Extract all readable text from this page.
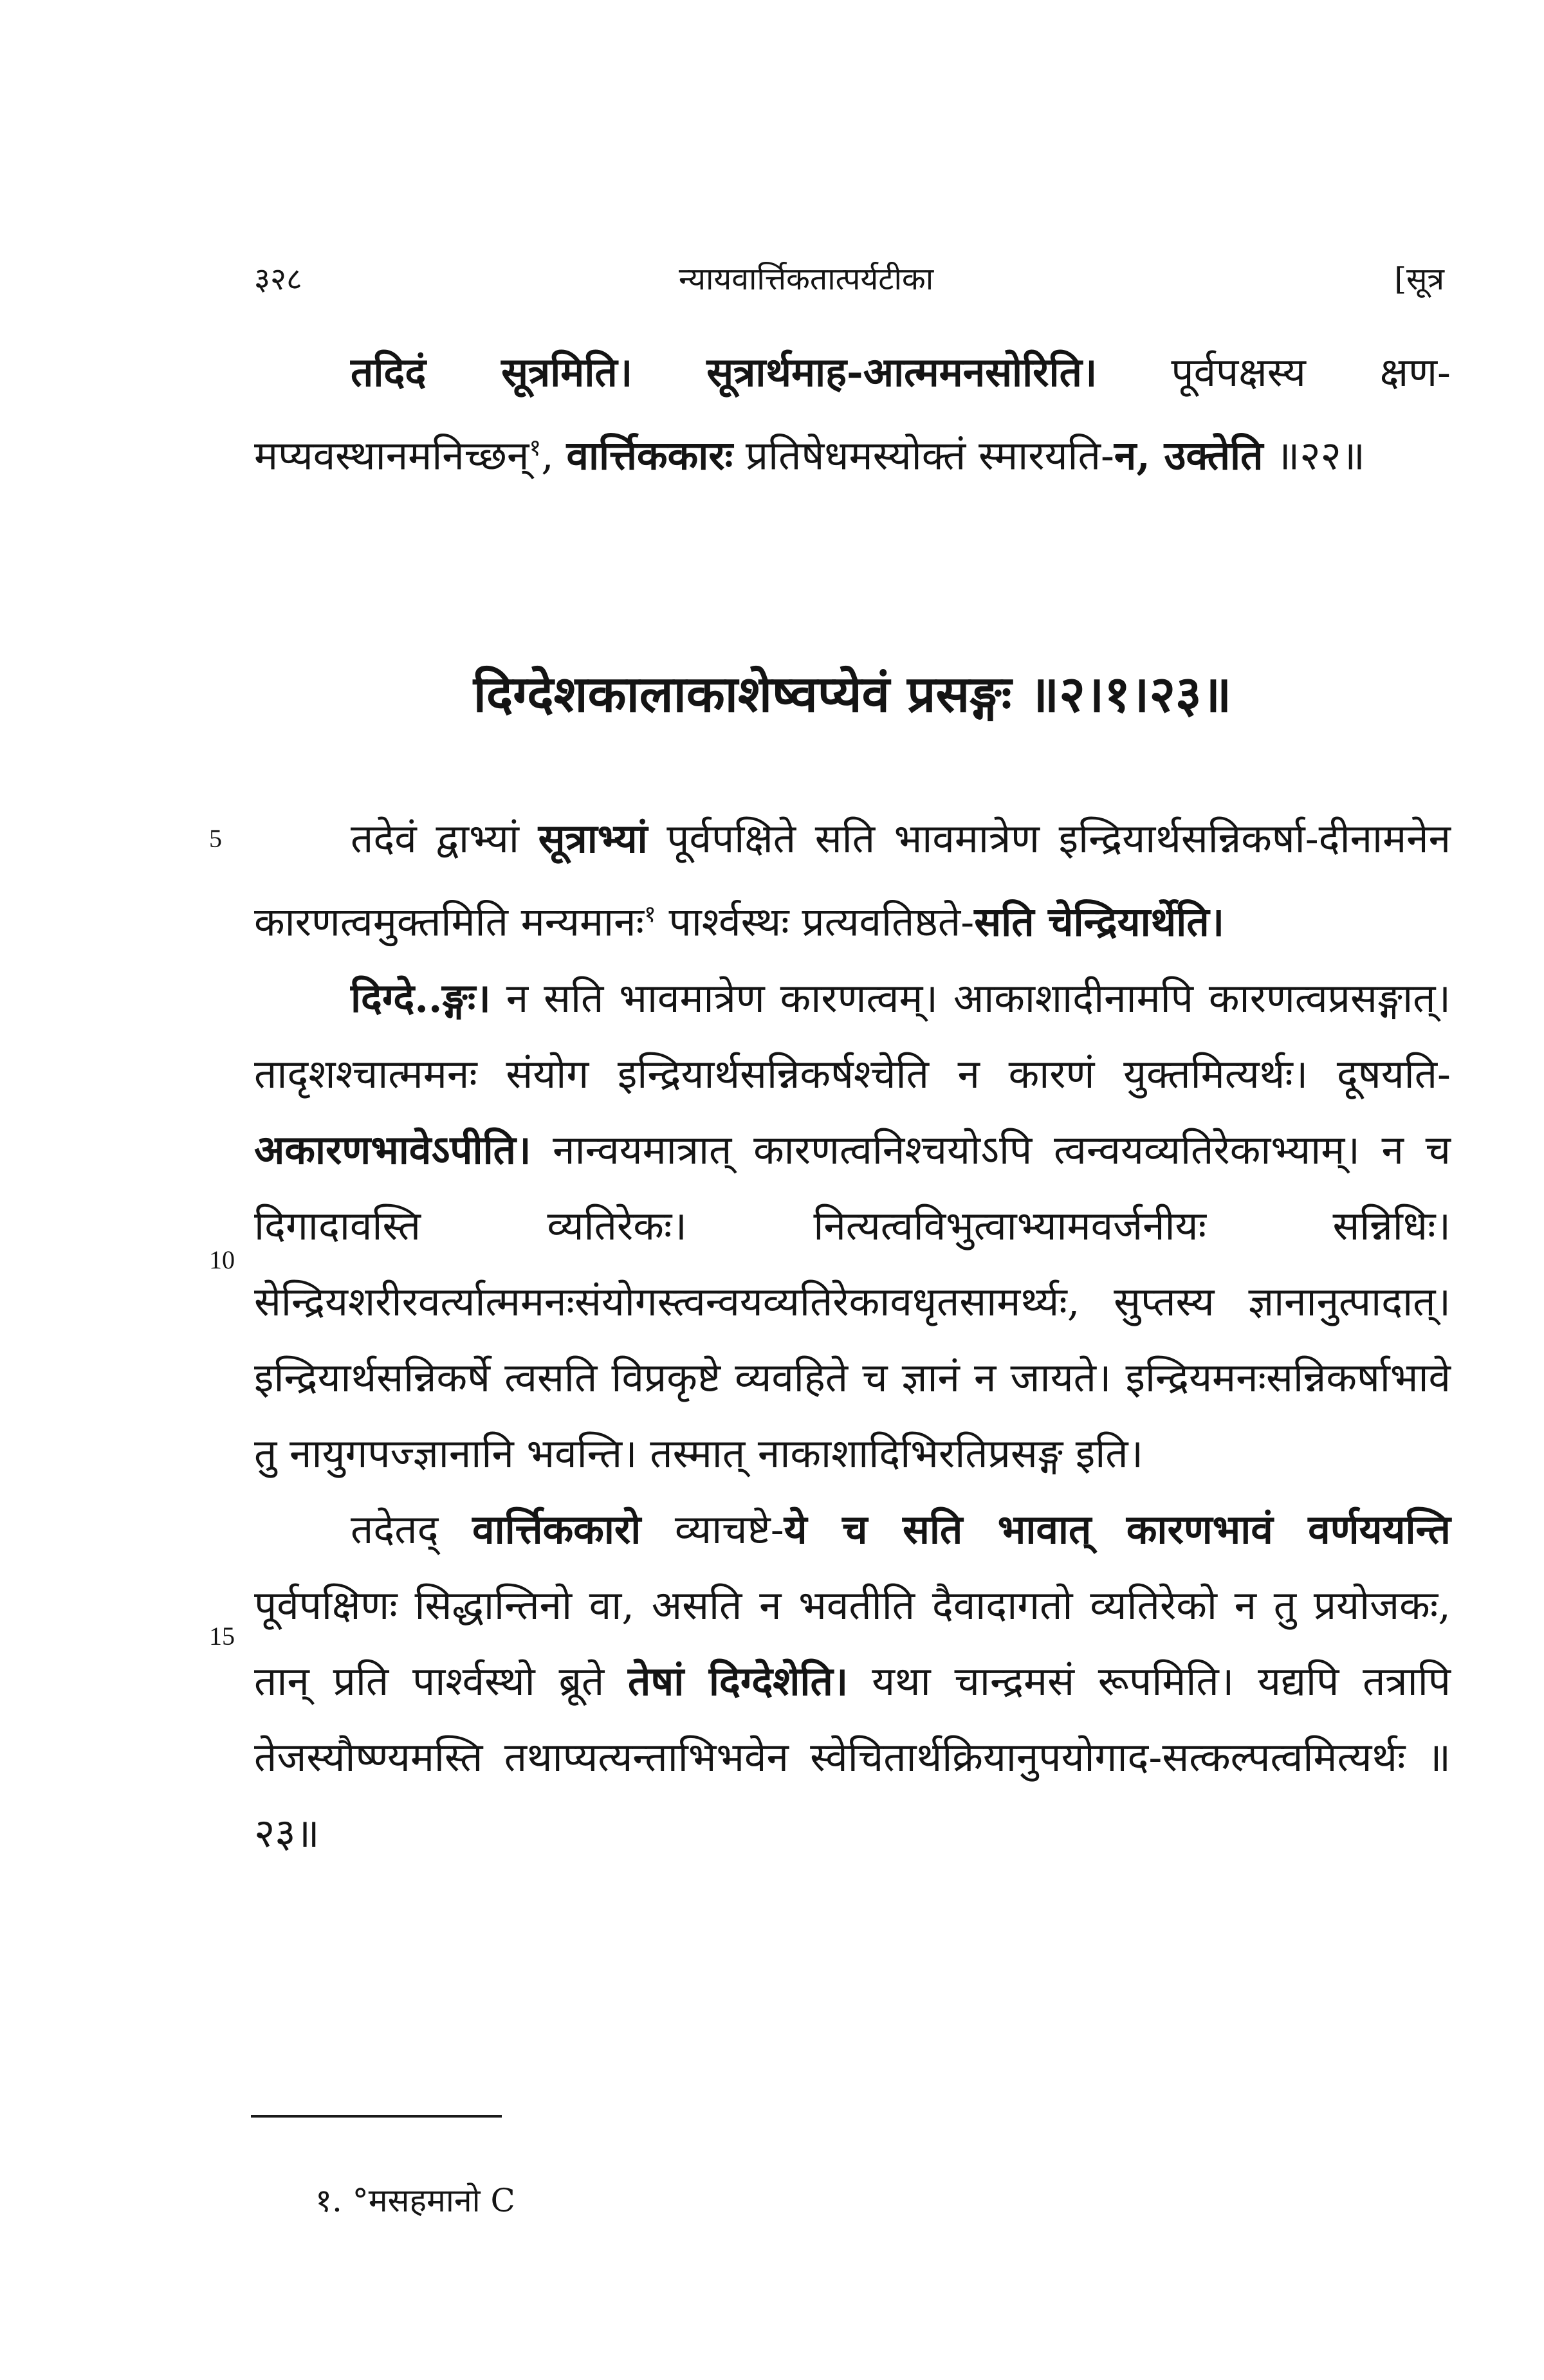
३२८	न्यायवार्त्तिकतात्पर्यटीका	[सूत्र

तदिदं सूत्रमिति। सूत्रार्थमाह-आत्ममनसोरिति। पूर्वपक्षस्य क्षण-मप्यवस्थानमनिच्छन्$^१$, वार्त्तिककारः प्रतिषेधमस्योक्तं स्मारयति-न, उक्तेति ॥२२॥

दिग्देशकालाकाशेष्वप्येवं प्रसङ्गः ॥२।१।२३॥
5
10
15

तदेवं द्वाभ्यां सूत्राभ्यां पूर्वपक्षिते सति भावमात्रेण इन्द्रियार्थसन्निकर्षा-दीनामनेन कारणत्वमुक्तमिति मन्यमानः$^१$ पार्श्वस्थः प्रत्यवतिष्ठते-सति चेन्द्रियार्थेति।

दिग्दे..ङ्गः। न सति भावमात्रेण कारणत्वम्। आकाशादीनामपि कारणत्वप्रसङ्गात्। तादृशश्चात्ममनः संयोग इन्द्रियार्थसन्निकर्षश्चेति न कारणं युक्तमित्यर्थः। दूषयति-अकारणभावेऽपीति। नान्वयमात्रात् कारणत्वनिश्चयोऽपि त्वन्वयव्यतिरेकाभ्याम्। न च दिगादावस्ति व्यतिरेकः। नित्यत्वविभुत्वाभ्यामवर्जनीयः सन्निधिः। सेन्द्रियशरीरवर्त्यात्ममनःसंयोगस्त्वन्वयव्यतिरेकावधृतसामर्थ्यः, सुप्तस्य ज्ञानानुत्पादात्। इन्द्रियार्थसन्निकर्षे त्वसति विप्रकृष्टे व्यवहिते च ज्ञानं न जायते। इन्द्रियमनःसन्निकर्षाभावे तु नायुगपज्ज्ञानानि भवन्ति। तस्मात् नाकाशादिभिरतिप्रसङ्ग इति।

तदेतद् वार्त्तिककारो व्याचष्टे-ये च सति भावात् कारणभावं वर्णययन्ति पूर्वपक्षिणः सिद्धान्तिनो वा, असति न भवतीति दैवादागतो व्यतिरेको न तु प्रयोजकः, तान् प्रति पार्श्वस्थो ब्रूते तेषां दिग्देशेति। यथा चान्द्रमसं रूपमिति। यद्यपि तत्रापि तेजस्यौष्ण्यमस्ति तथाप्यत्यन्ताभिभवेन स्वेचितार्थक्रियानुपयोगाद-सत्कल्पत्वमित्यर्थः ॥२३॥

१. °मसहमानो C
